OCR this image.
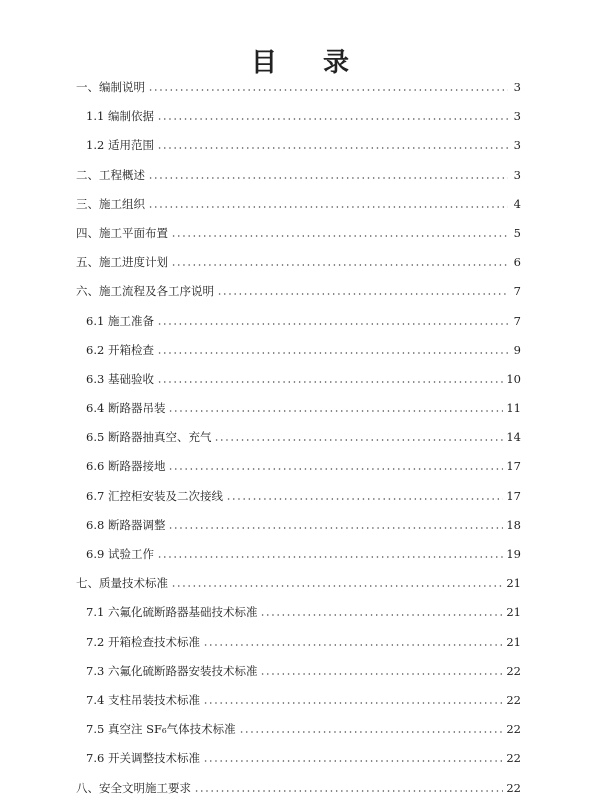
目 录
一、编制说明	3
1.1 编制依据	3
1.2 适用范围	3
二、工程概述	3
三、施工组织	4
四、施工平面布置	5
五、施工进度计划	6
六、施工流程及各工序说明	7
6.1 施工准备	7
6.2 开箱检查	9
6.3 基础验收	10
6.4 断路器吊装	11
6.5 断路器抽真空、充气	14
6.6 断路器接地	17
6.7 汇控柜安装及二次接线	17
6.8 断路器调整	18
6.9 试验工作	19
七、质量技术标准	21
7.1 六氟化硫断路器基础技术标准	21
7.2 开箱检查技术标准	21
7.3 六氟化硫断路器安装技术标准	22
7.4 支柱吊装技术标准	22
7.5 真空注 SF₆气体技术标准	22
7.6 开关调整技术标准	22
八、安全文明施工要求	22
